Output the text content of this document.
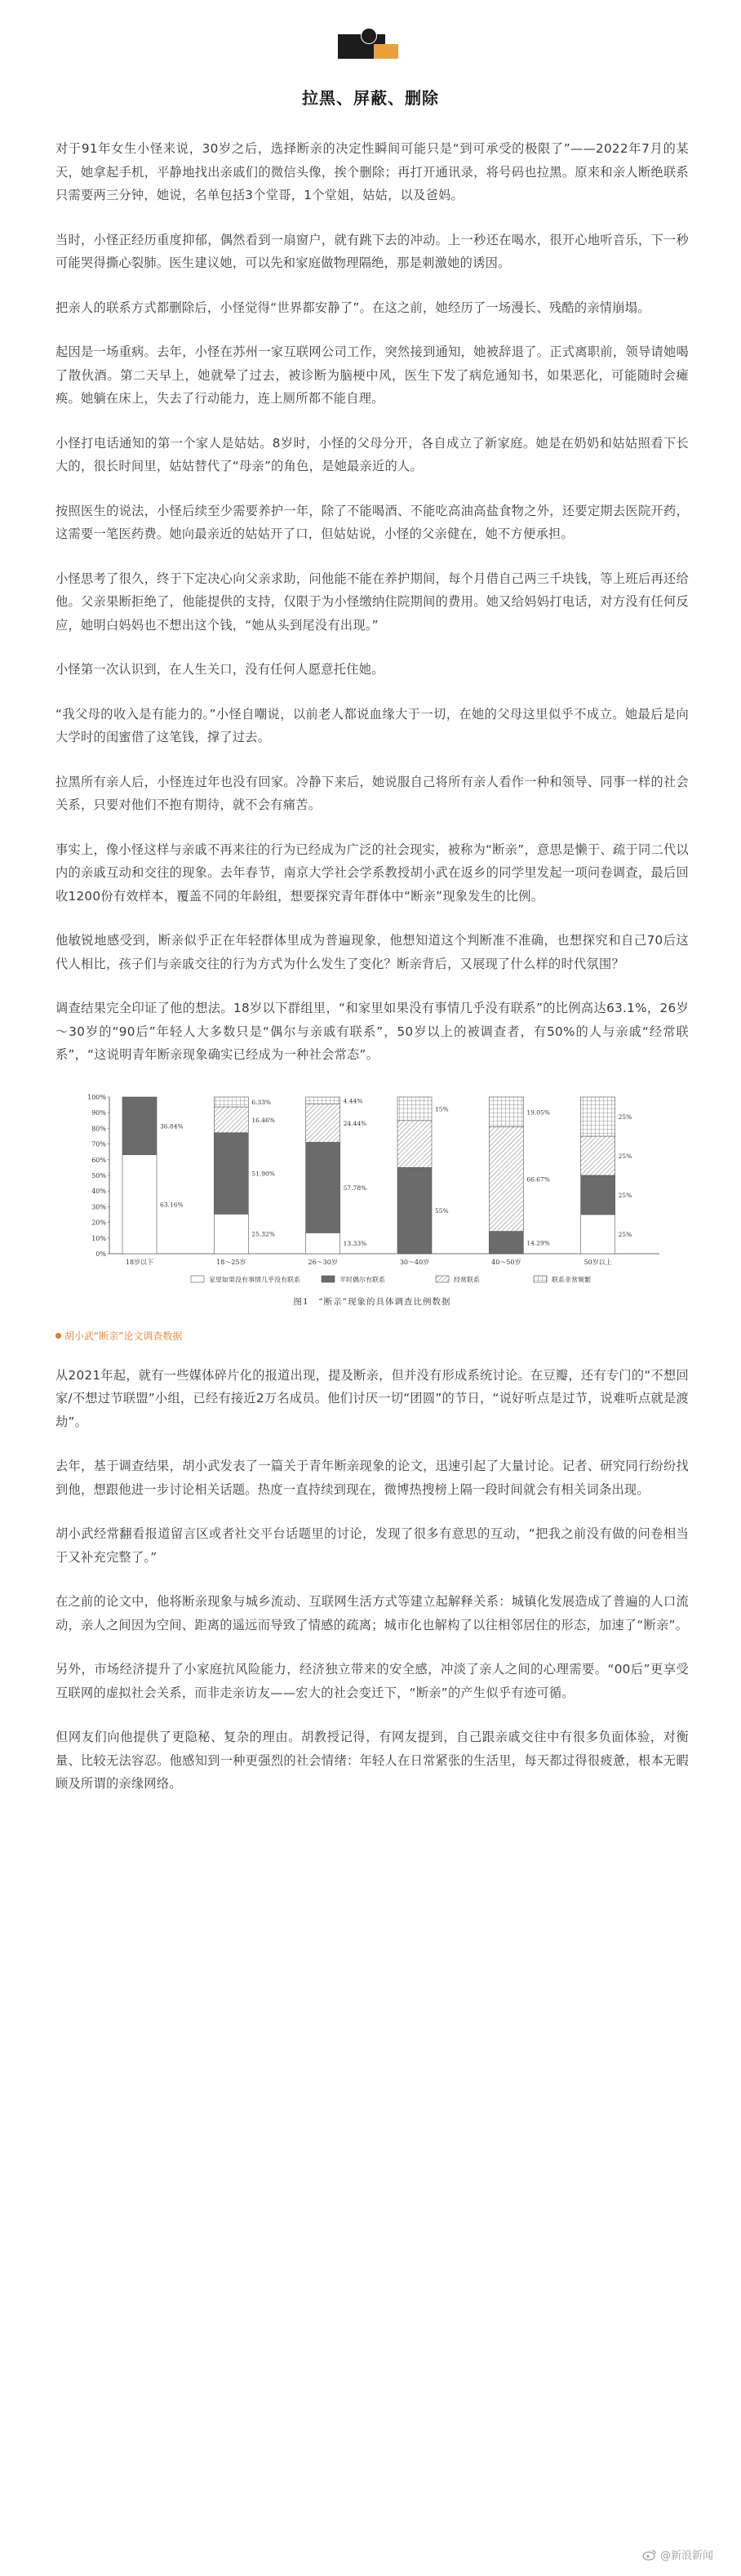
拉黑、屏蔽、删除

对于91年女生小怪来说，30岁之后，选择断亲的决定性瞬间可能只是“到可承受的极限了”——2022年7月的某天，她拿起手机，平静地找出亲戚们的微信头像，挨个删除；再打开通讯录，将号码也拉黑。原来和亲人断绝联系只需要两三分钟，她说，名单包括3个堂哥，1个堂姐，姑姑，以及爸妈。

当时，小怪正经历重度抑郁，偶然看到一扇窗户，就有跳下去的冲动。上一秒还在喝水，很开心地听音乐，下一秒可能哭得撕心裂肺。医生建议她，可以先和家庭做物理隔绝，那是刺激她的诱因。

把亲人的联系方式都删除后，小怪觉得“世界都安静了”。在这之前，她经历了一场漫长、残酷的亲情崩塌。

起因是一场重病。去年，小怪在苏州一家互联网公司工作，突然接到通知，她被辞退了。正式离职前，领导请她喝了散伙酒。第二天早上，她就晕了过去，被诊断为脑梗中风，医生下发了病危通知书，如果恶化，可能随时会瘫痪。她躺在床上，失去了行动能力，连上厕所都不能自理。

小怪打电话通知的第一个家人是姑姑。8岁时，小怪的父母分开，各自成立了新家庭。她是在奶奶和姑姑照看下长大的，很长时间里，姑姑替代了“母亲”的角色，是她最亲近的人。

按照医生的说法，小怪后续至少需要养护一年，除了不能喝酒、不能吃高油高盐食物之外，还要定期去医院开药，这需要一笔医药费。她向最亲近的姑姑开了口，但姑姑说，小怪的父亲健在，她不方便承担。

小怪思考了很久，终于下定决心向父亲求助，问他能不能在养护期间，每个月借自己两三千块钱，等上班后再还给他。父亲果断拒绝了，他能提供的支持，仅限于为小怪缴纳住院期间的费用。她又给妈妈打电话，对方没有任何反应，她明白妈妈也不想出这个钱，“她从头到尾没有出现。”

小怪第一次认识到，在人生关口，没有任何人愿意托住她。

“我父母的收入是有能力的。”小怪自嘲说，以前老人都说血缘大于一切，在她的父母这里似乎不成立。她最后是向大学时的闺蜜借了这笔钱，撑了过去。

拉黑所有亲人后，小怪连过年也没有回家。冷静下来后，她说服自己将所有亲人看作一种和领导、同事一样的社会关系，只要对他们不抱有期待，就不会有痛苦。

事实上，像小怪这样与亲戚不再来往的行为已经成为广泛的社会现实，被称为“断亲”，意思是懒于、疏于同二代以内的亲戚互动和交往的现象。去年春节，南京大学社会学系教授胡小武在返乡的同学里发起一项问卷调查，最后回收1200份有效样本，覆盖不同的年龄组，想要探究青年群体中“断亲”现象发生的比例。

他敏锐地感受到，断亲似乎正在年轻群体里成为普遍现象，他想知道这个判断准不准确，也想探究和自己70后这代人相比，孩子们与亲戚交往的行为方式为什么发生了变化？断亲背后，又展现了什么样的时代氛围？

调查结果完全印证了他的想法。18岁以下群组里，“和家里如果没有事情几乎没有联系”的比例高达63.1%，26岁～30岁的“90后”年轻人大多数只是“偶尔与亲戚有联系”，50岁以上的被调查者，有50%的人与亲戚“经常联系”，“这说明青年断亲现象确实已经成为一种社会常态”。

0%
10%
20%
30%
40%
50%
60%
70%
80%
90%
100%
63.16%
36.84%
18岁以下
25.32%
51.90%
16.46%
6.33%
18～25岁
13.33%
57.78%
24.44%
4.44%
26～30岁
55%
15%
30～40岁
14.29%
66.67%
19.05%
40～50岁
25%
25%
25%
25%
50岁以上
家里如果没有事情几乎没有联系	平时偶尔有联系	经常联系	联系非常频繁
图1　“断亲”现象的具体调查比例数据
胡小武“断亲”论文调查数据

从2021年起，就有一些媒体碎片化的报道出现，提及断亲，但并没有形成系统讨论。在豆瓣，还有专门的“不想回家/不想过节联盟”小组，已经有接近2万名成员。他们讨厌一切“团圆”的节日，“说好听点是过节，说难听点就是渡劫”。

去年，基于调查结果，胡小武发表了一篇关于青年断亲现象的论文，迅速引起了大量讨论。记者、研究同行纷纷找到他，想跟他进一步讨论相关话题。热度一直持续到现在，微博热搜榜上隔一段时间就会有相关词条出现。

胡小武经常翻看报道留言区或者社交平台话题里的讨论，发现了很多有意思的互动，“把我之前没有做的问卷相当于又补充完整了。”

在之前的论文中，他将断亲现象与城乡流动、互联网生活方式等建立起解释关系：城镇化发展造成了普遍的人口流动，亲人之间因为空间、距离的遥远而导致了情感的疏离；城市化也解构了以往相邻居住的形态，加速了“断亲”。

另外，市场经济提升了小家庭抗风险能力，经济独立带来的安全感，冲淡了亲人之间的心理需要。“00后”更享受互联网的虚拟社会关系，而非走亲访友——宏大的社会变迁下，“断亲”的产生似乎有迹可循。

但网友们向他提供了更隐秘、复杂的理由。胡教授记得，有网友提到，自己跟亲戚交往中有很多负面体验，对衡量、比较无法容忍。他感知到一种更强烈的社会情绪：年轻人在日常紧张的生活里，每天都过得很疲惫，根本无暇顾及所谓的亲缘网络。

@新浪新闻
